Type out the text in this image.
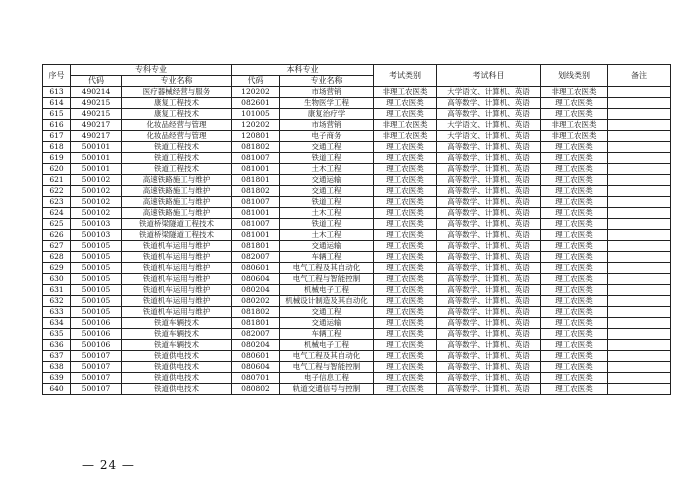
序号	专科专业		本科专业		考试类别	考试科目	划线类别	备注
	代码	专业名称	代码	专业名称				
613	490214	医疗器械经营与服务	120202	市场营销	非理工农医类	大学语文、计算机、英语	非理工农医类	
614	490215	康复工程技术	082601	生物医学工程	理工农医类	高等数学、计算机、英语	理工农医类	
615	490215	康复工程技术	101005	康复治疗学	理工农医类	高等数学、计算机、英语	理工农医类	
616	490217	化妆品经营与管理	120202	市场营销	非理工农医类	大学语文、计算机、英语	非理工农医类	
617	490217	化妆品经营与管理	120801	电子商务	非理工农医类	大学语文、计算机、英语	非理工农医类	
618	500101	铁道工程技术	081802	交通工程	理工农医类	高等数学、计算机、英语	理工农医类	
619	500101	铁道工程技术	081007	铁道工程	理工农医类	高等数学、计算机、英语	理工农医类	
620	500101	铁道工程技术	081001	土木工程	理工农医类	高等数学、计算机、英语	理工农医类	
621	500102	高速铁路施工与维护	081801	交通运输	理工农医类	高等数学、计算机、英语	理工农医类	
622	500102	高速铁路施工与维护	081802	交通工程	理工农医类	高等数学、计算机、英语	理工农医类	
623	500102	高速铁路施工与维护	081007	铁道工程	理工农医类	高等数学、计算机、英语	理工农医类	
624	500102	高速铁路施工与维护	081001	土木工程	理工农医类	高等数学、计算机、英语	理工农医类	
625	500103	铁道桥梁隧道工程技术	081007	铁道工程	理工农医类	高等数学、计算机、英语	理工农医类	
626	500103	铁道桥梁隧道工程技术	081001	土木工程	理工农医类	高等数学、计算机、英语	理工农医类	
627	500105	铁道机车运用与维护	081801	交通运输	理工农医类	高等数学、计算机、英语	理工农医类	
628	500105	铁道机车运用与维护	082007	车辆工程	理工农医类	高等数学、计算机、英语	理工农医类	
629	500105	铁道机车运用与维护	080601	电气工程及其自动化	理工农医类	高等数学、计算机、英语	理工农医类	
630	500105	铁道机车运用与维护	080604	电气工程与智能控制	理工农医类	高等数学、计算机、英语	理工农医类	
631	500105	铁道机车运用与维护	080204	机械电子工程	理工农医类	高等数学、计算机、英语	理工农医类	
632	500105	铁道机车运用与维护	080202	机械设计制造及其自动化	理工农医类	高等数学、计算机、英语	理工农医类	
633	500105	铁道机车运用与维护	081802	交通工程	理工农医类	高等数学、计算机、英语	理工农医类	
634	500106	铁道车辆技术	081801	交通运输	理工农医类	高等数学、计算机、英语	理工农医类	
635	500106	铁道车辆技术	082007	车辆工程	理工农医类	高等数学、计算机、英语	理工农医类	
636	500106	铁道车辆技术	080204	机械电子工程	理工农医类	高等数学、计算机、英语	理工农医类	
637	500107	铁道供电技术	080601	电气工程及其自动化	理工农医类	高等数学、计算机、英语	理工农医类	
638	500107	铁道供电技术	080604	电气工程与智能控制	理工农医类	高等数学、计算机、英语	理工农医类	
639	500107	铁道供电技术	080701	电子信息工程	理工农医类	高等数学、计算机、英语	理工农医类	
640	500107	铁道供电技术	080802	轨道交通信号与控制	理工农医类	高等数学、计算机、英语	理工农医类	
— 24 —
